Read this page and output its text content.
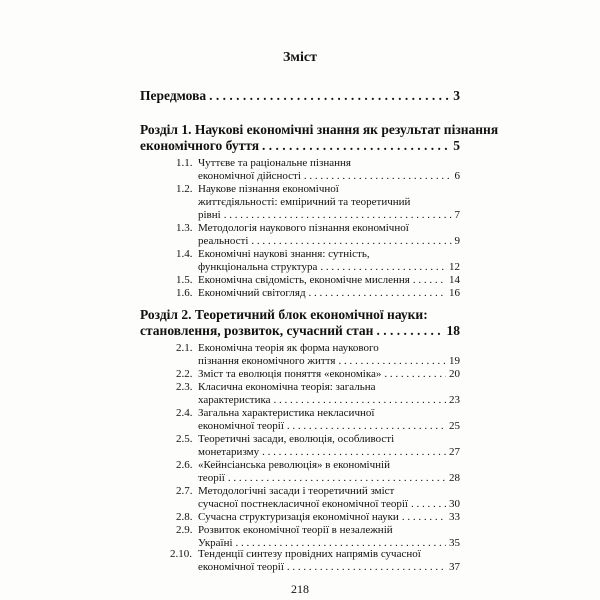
Зміст
Передмова . . .	3
Розділ 1. Наукові економічні знання як результат пізнання
економічного буття . . .	5
1.1. Чуттєве та раціональне пізнання
економічної дійсності . . .	6
1.2. Наукове пізнання економічної
життєдіяльності: емпіричний та теоретичний
рівні . . .	7
1.3. Методологія наукового пізнання економічної
реальності . . .	9
1.4. Економічні наукові знання: сутність,
функціональна структура . . .	12
1.5. Економічна свідомість, економічне мислення . . .	14
1.6. Економічний світогляд . . .	16
Розділ 2. Теоретичний блок економічної науки:
становлення, розвиток, сучасний стан . . .	18
2.1. Економічна теорія як форма наукового
пізнання економічного життя . . .	19
2.2. Зміст та еволюція поняття «економіка» . . .	20
2.3. Класична економічна теорія: загальна
характеристика . . .	23
2.4. Загальна характеристика некласичної
економічної теорії . . .	25
2.5. Теоретичні засади, еволюція, особливості
монетаризму . . .	27
2.6. «Кейнсіанська революція» в економічній
теорії . . .	28
2.7. Методологічні засади і теоретичний зміст
сучасної постнекласичної економічної теорії . . .	30
2.8. Сучасна структуризація економічної науки . . .	33
2.9. Розвиток економічної теорії в незалежній
Україні . . .	35
218
2.10. Тенденції синтезу провідних напрямів сучасної
економічної теорії . . .	37
